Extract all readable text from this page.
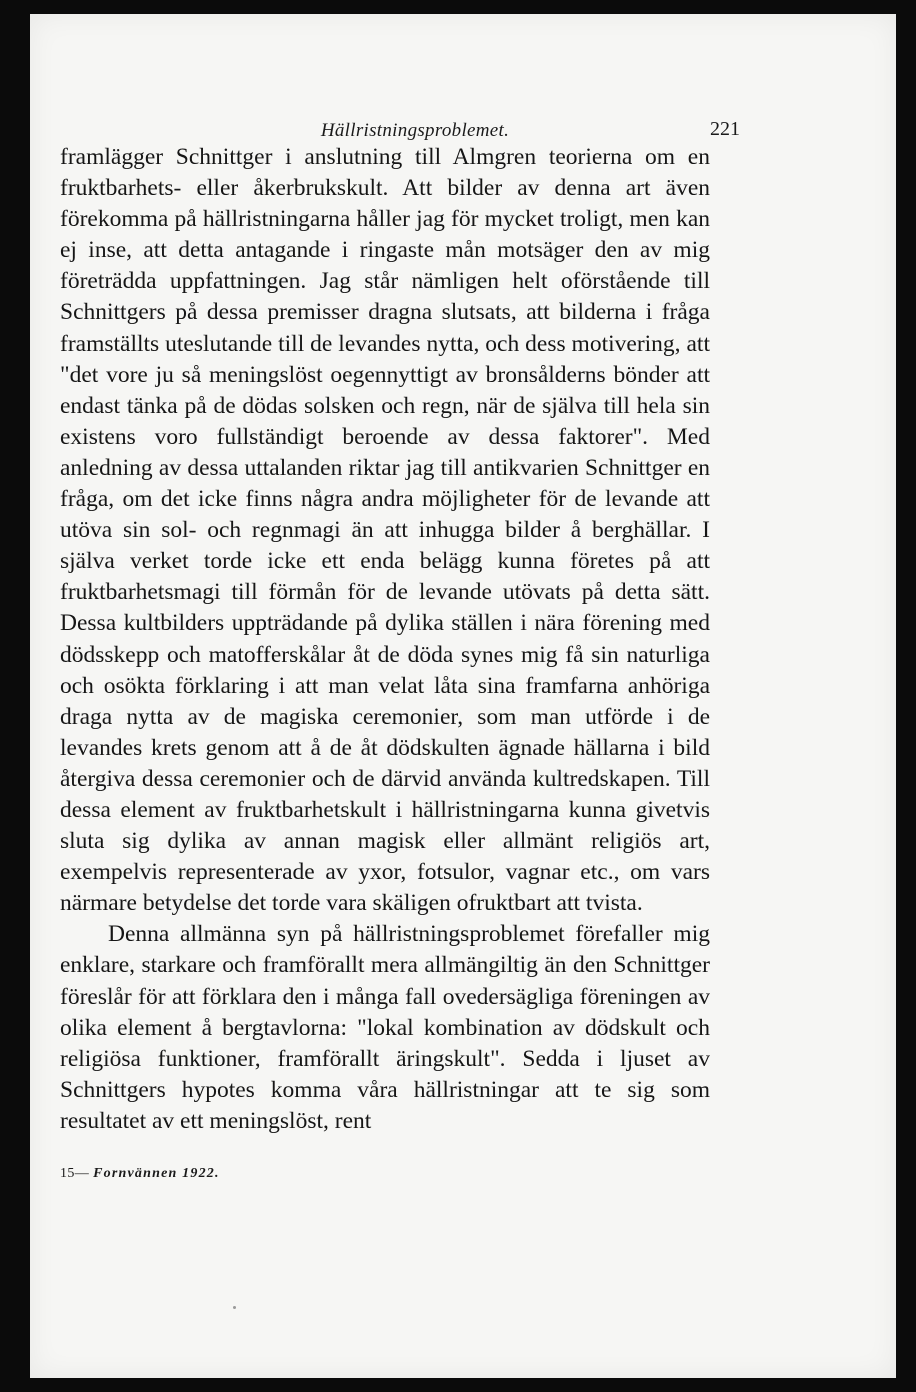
Hällristningsproblemet.	221

framlägger Schnittger i anslutning till Almgren teorierna om en fruktbarhets- eller åkerbrukskult. Att bilder av denna art även förekomma på hällristningarna håller jag för mycket troligt, men kan ej inse, att detta antagande i ringaste mån motsäger den av mig företrädda uppfattningen. Jag står nämligen helt oförstående till Schnittgers på dessa premisser dragna slutsats, att bilderna i fråga framställts uteslutande till de levandes nytta, och dess motivering, att "det vore ju så meningslöst oegennyttigt av bronsålderns bönder att endast tänka på de dödas solsken och regn, när de själva till hela sin existens voro fullständigt beroende av dessa faktorer". Med anledning av dessa uttalanden riktar jag till antikvarien Schnittger en fråga, om det icke finns några andra möjligheter för de levande att utöva sin sol- och regnmagi än att inhugga bilder å berghällar. I själva verket torde icke ett enda belägg kunna företes på att fruktbarhetsmagi till förmån för de levande utövats på detta sätt. Dessa kultbilders uppträdande på dylika ställen i nära förening med dödsskepp och matofferskålar åt de döda synes mig få sin naturliga och osökta förklaring i att man velat låta sina framfarna anhöriga draga nytta av de magiska ceremonier, som man utförde i de levandes krets genom att å de åt dödskulten ägnade hällarna i bild återgiva dessa ceremonier och de därvid använda kultredskapen. Till dessa element av fruktbarhetskult i hällristningarna kunna givetvis sluta sig dylika av annan magisk eller allmänt religiös art, exempelvis representerade av yxor, fotsulor, vagnar etc., om vars närmare betydelse det torde vara skäligen ofruktbart att tvista.

Denna allmänna syn på hällristningsproblemet förefaller mig enklare, starkare och framförallt mera allmängiltig än den Schnittger föreslår för att förklara den i många fall ovedersägliga föreningen av olika element å bergtavlorna: "lokal kombination av dödskult och religiösa funktioner, framförallt äringskult". Sedda i ljuset av Schnittgers hypotes komma våra hällristningar att te sig som resultatet av ett meningslöst, rent

15— Fornvännen 1922.
